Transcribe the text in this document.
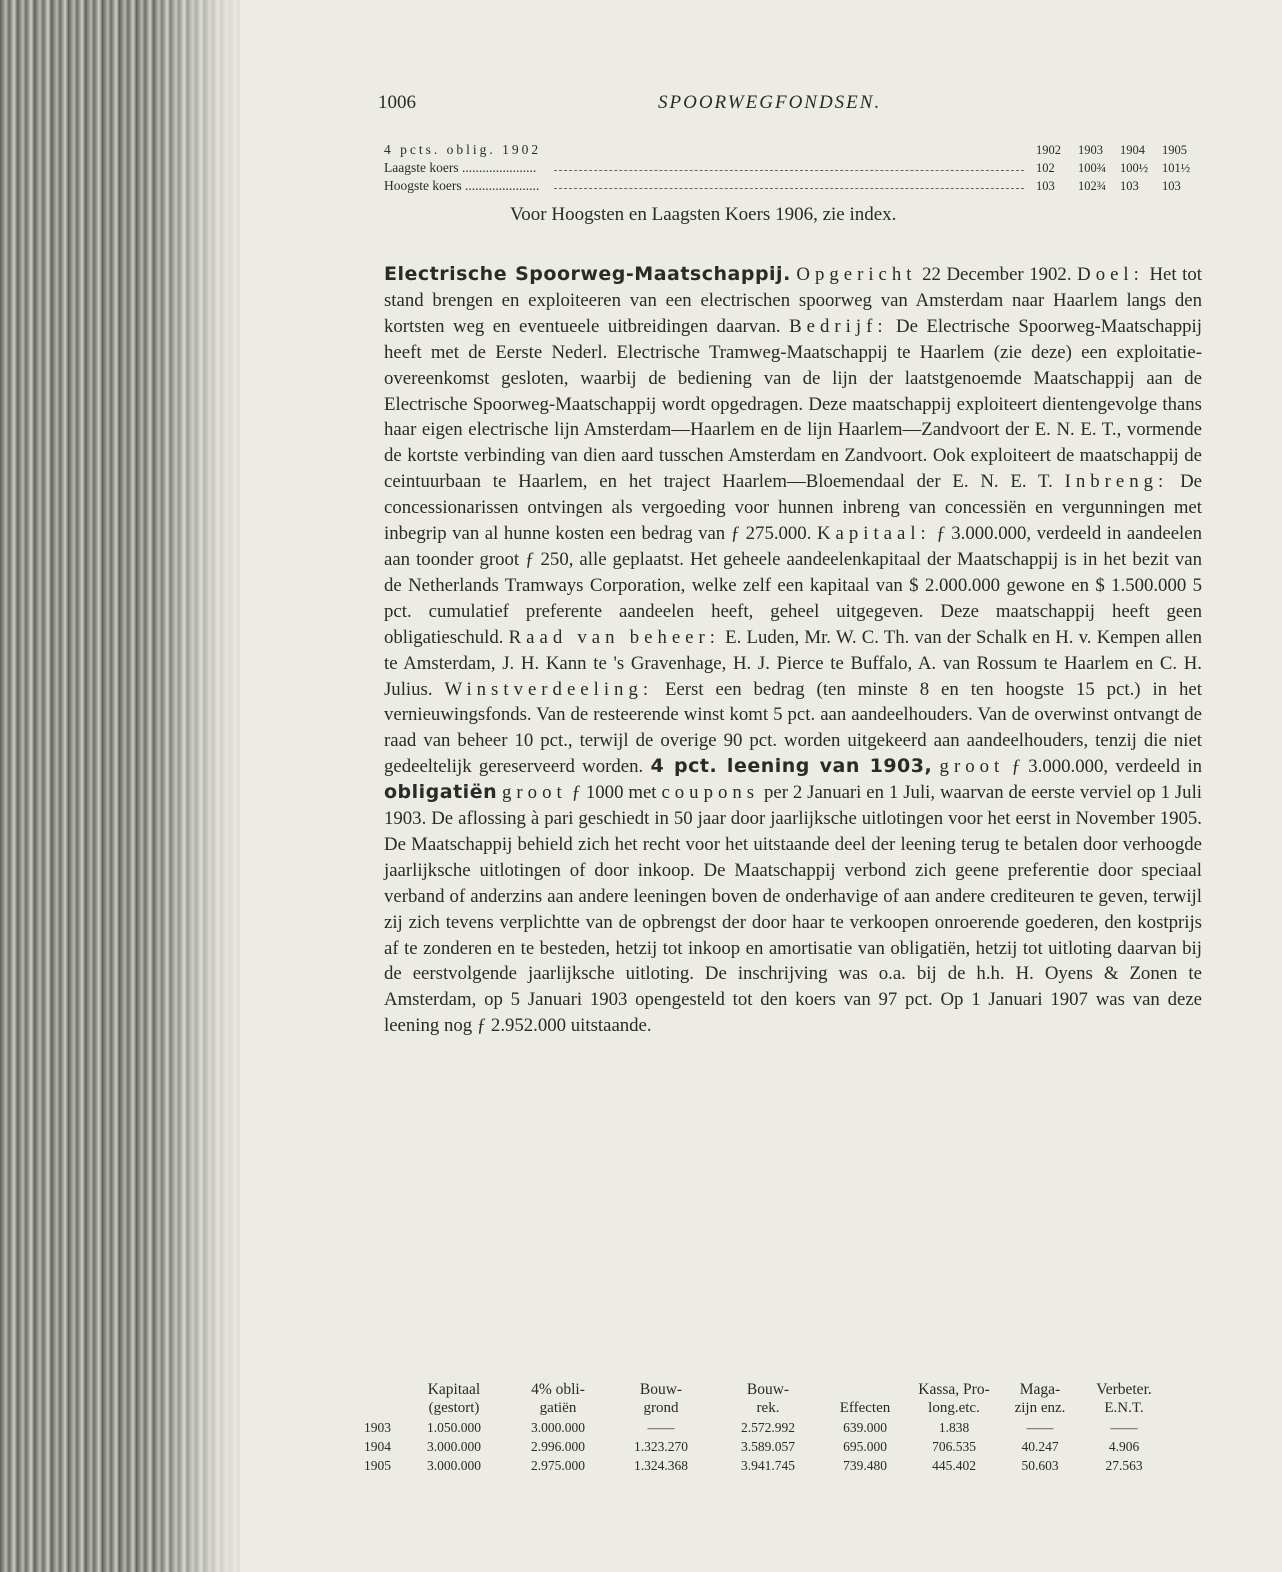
1006	SPOORWEGFONDSEN.
4 pcts. oblig. 1902	1902	1903	1904	1905
Laagste koers ......................	102	100¾	100½	101½
Hoogste koers ......................	103	102¾	103	103
Voor Hoogsten en Laagsten Koers 1906, zie index.

Electrische Spoorweg-Maatschappij. Opgericht 22 December 1902. Doel: Het tot stand brengen en exploiteeren van een electrischen spoorweg van Amsterdam naar Haarlem langs den kortsten weg en eventueele uitbreidingen daarvan. Bedrijf: De Electrische Spoorweg-Maatschappij heeft met de Eerste Nederl. Electrische Tramweg-Maatschappij te Haarlem (zie deze) een exploitatie-overeenkomst gesloten, waarbij de bediening van de lijn der laatstgenoemde Maatschappij aan de Electrische Spoorweg-Maatschappij wordt opgedragen. Deze maatschappij exploiteert dientengevolge thans haar eigen electrische lijn Amsterdam—Haarlem en de lijn Haarlem—Zandvoort der E. N. E. T., vormende de kortste verbinding van dien aard tusschen Amsterdam en Zandvoort. Ook exploiteert de maatschappij de ceintuurbaan te Haarlem, en het traject Haarlem—Bloemendaal der E. N. E. T. Inbreng: De concessionarissen ontvingen als vergoeding voor hunnen inbreng van concessiën en vergunningen met inbegrip van al hunne kosten een bedrag van ƒ 275.000. Kapitaal: ƒ 3.000.000, verdeeld in aandeelen aan toonder groot ƒ 250, alle geplaatst. Het geheele aandeelenkapitaal der Maatschappij is in het bezit van de Netherlands Tramways Corporation, welke zelf een kapitaal van $ 2.000.000 gewone en $ 1.500.000 5 pct. cumulatief preferente aandeelen heeft, geheel uitgegeven. Deze maatschappij heeft geen obligatieschuld. Raad van beheer: E. Luden, Mr. W. C. Th. van der Schalk en H. v. Kempen allen te Amsterdam, J. H. Kann te 's Gravenhage, H. J. Pierce te Buffalo, A. van Rossum te Haarlem en C. H. Julius. Winstverdeeling: Eerst een bedrag (ten minste 8 en ten hoogste 15 pct.) in het vernieuwingsfonds. Van de resteerende winst komt 5 pct. aan aandeelhouders. Van de overwinst ontvangt de raad van beheer 10 pct., terwijl de overige 90 pct. worden uitgekeerd aan aandeelhouders, tenzij die niet gedeeltelijk gereserveerd worden. 4 pct. leening van 1903, groot ƒ 3.000.000, verdeeld in obligatiën groot ƒ 1000 met coupons per 2 Januari en 1 Juli, waarvan de eerste verviel op 1 Juli 1903. De aflossing à pari geschiedt in 50 jaar door jaarlijksche uitlotingen voor het eerst in November 1905. De Maatschappij behield zich het recht voor het uitstaande deel der leening terug te betalen door verhoogde jaarlijksche uitlotingen of door inkoop. De Maatschappij verbond zich geene preferentie door speciaal verband of anderzins aan andere leeningen boven de onderhavige of aan andere crediteuren te geven, terwijl zij zich tevens verplichtte van de opbrengst der door haar te verkoopen onroerende goederen, den kostprijs af te zonderen en te besteden, hetzij tot inkoop en amortisatie van obligatiën, hetzij tot uitloting daarvan bij de eerstvolgende jaarlijksche uitloting. De inschrijving was o.a. bij de h.h. H. Oyens & Zonen te Amsterdam, op 5 Januari 1903 opengesteld tot den koers van 97 pct. Op 1 Januari 1907 was van deze leening nog ƒ 2.952.000 uitstaande.

	Kapitaal	4% obli-	Bouw-	Bouw-		Kassa, Pro-	Maga-	Verbeter.
	(gestort)	gatiën	grond	rek.	Effecten	long.etc.	zijn enz.	E.N.T.
1903	1.050.000	3.000.000	——	2.572.992	639.000	1.838	——	——
1904	3.000.000	2.996.000	1.323.270	3.589.057	695.000	706.535	40.247	4.906
1905	3.000.000	2.975.000	1.324.368	3.941.745	739.480	445.402	50.603	27.563
